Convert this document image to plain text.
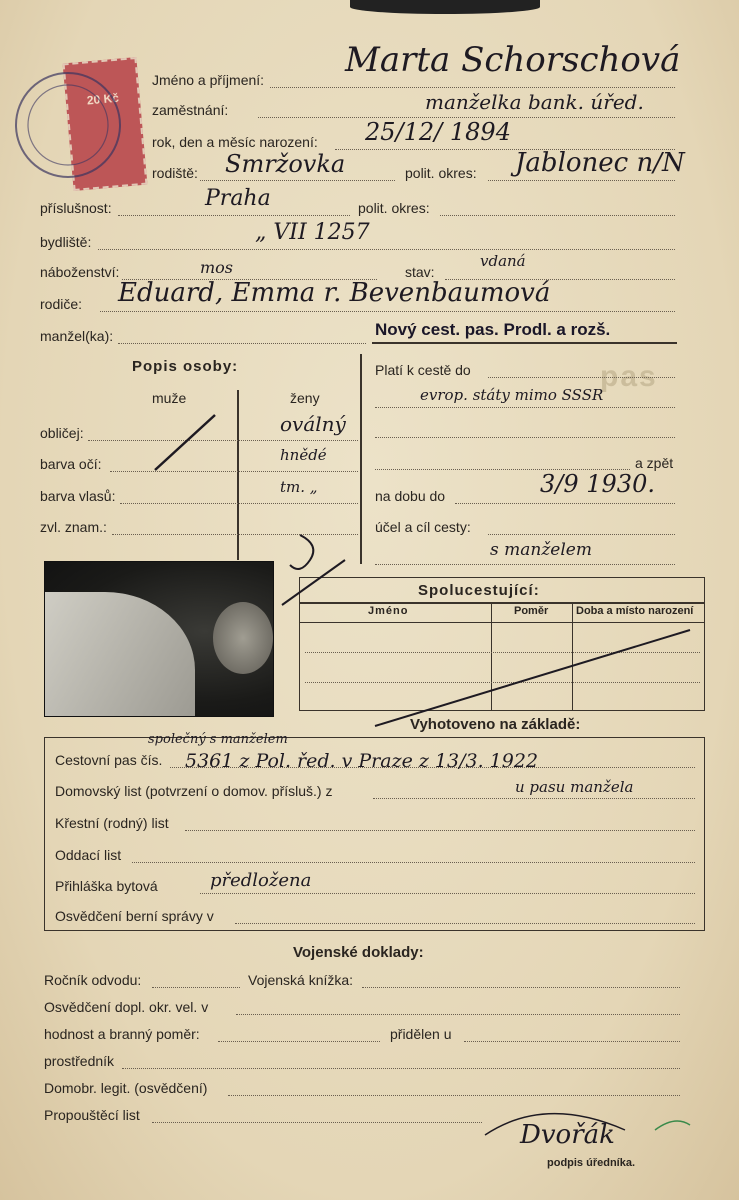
pas
20 Kč
Jméno a příjmení: Marta Schorschová
zaměstnání:	manželka bank. úřed.
rok, den a měsíc narození: 25/12/ 1894
rodiště: Smržovka	polit. okres: Jablonec n/N
příslušnost:	Praha	polit. okres:
bydliště:	„ VII 1257
náboženství:	mos	stav:
vdaná
rodiče: Eduard, Emma r. Bevenbaumová
manžel(ka):	Nový cest. pas. Prodl. a rozš.
Popis osoby:
muže	ženy
obličej:	oválný
barva očí:	hnědé
barva vlasů:	tm. „
zvl. znam.:
Platí k cestě do
evrop. státy mimo SSSR
a zpět
na dobu do	3/9 1930.
účel a cíl cesty:
s manželem
Spolucestující:
Jméno	Poměr	Doba a místo narození
Vyhotoveno na základě:
Cestovní pas čís. 5361 z Pol. řed. v Praze z 13/3. 1922
společný s manželem
Domovský list (potvrzení o domov. přísluš.) z	u pasu manžela
Křestní (rodný) list
Oddací list
Přihláška bytová	předložena
Osvědčení berní správy v
Vojenské doklady:
Ročník odvodu:	Vojenská knížka:
Osvědčení dopl. okr. vel. v
hodnost a branný poměr:	přidělen u
prostředník
Domobr. legit. (osvědčení)
Propouštěcí list
Dvořák
podpis úředníka.
